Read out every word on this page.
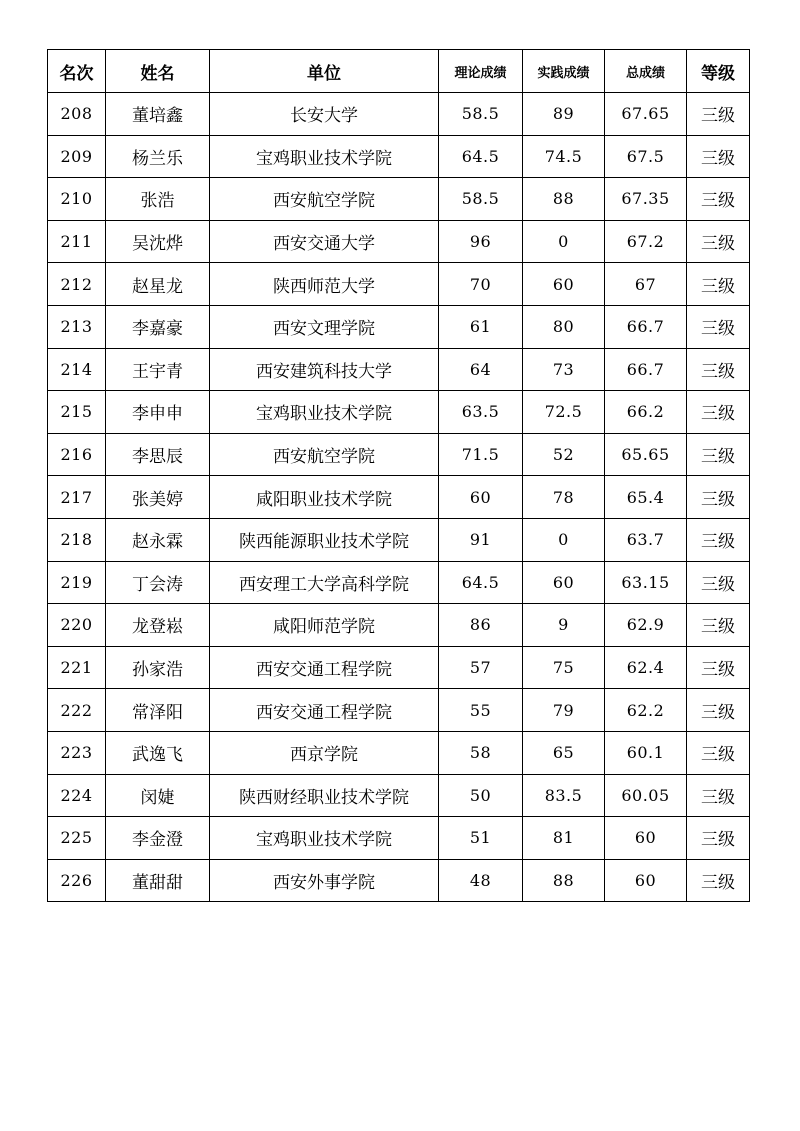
名次	姓名	单位	理论成绩	实践成绩	总成绩	等级
208	董培鑫	长安大学	58.5	89	67.65	三级
209	杨兰乐	宝鸡职业技术学院	64.5	74.5	67.5	三级
210	张浩	西安航空学院	58.5	88	67.35	三级
211	吴沈烨	西安交通大学	96	0	67.2	三级
212	赵星龙	陕西师范大学	70	60	67	三级
213	李嘉豪	西安文理学院	61	80	66.7	三级
214	王宇青	西安建筑科技大学	64	73	66.7	三级
215	李申申	宝鸡职业技术学院	63.5	72.5	66.2	三级
216	李思辰	西安航空学院	71.5	52	65.65	三级
217	张美婷	咸阳职业技术学院	60	78	65.4	三级
218	赵永霖	陕西能源职业技术学院	91	0	63.7	三级
219	丁会涛	西安理工大学高科学院	64.5	60	63.15	三级
220	龙登崧	咸阳师范学院	86	9	62.9	三级
221	孙家浩	西安交通工程学院	57	75	62.4	三级
222	常泽阳	西安交通工程学院	55	79	62.2	三级
223	武逸飞	西京学院	58	65	60.1	三级
224	闵婕	陕西财经职业技术学院	50	83.5	60.05	三级
225	李金澄	宝鸡职业技术学院	51	81	60	三级
226	董甜甜	西安外事学院	48	88	60	三级
